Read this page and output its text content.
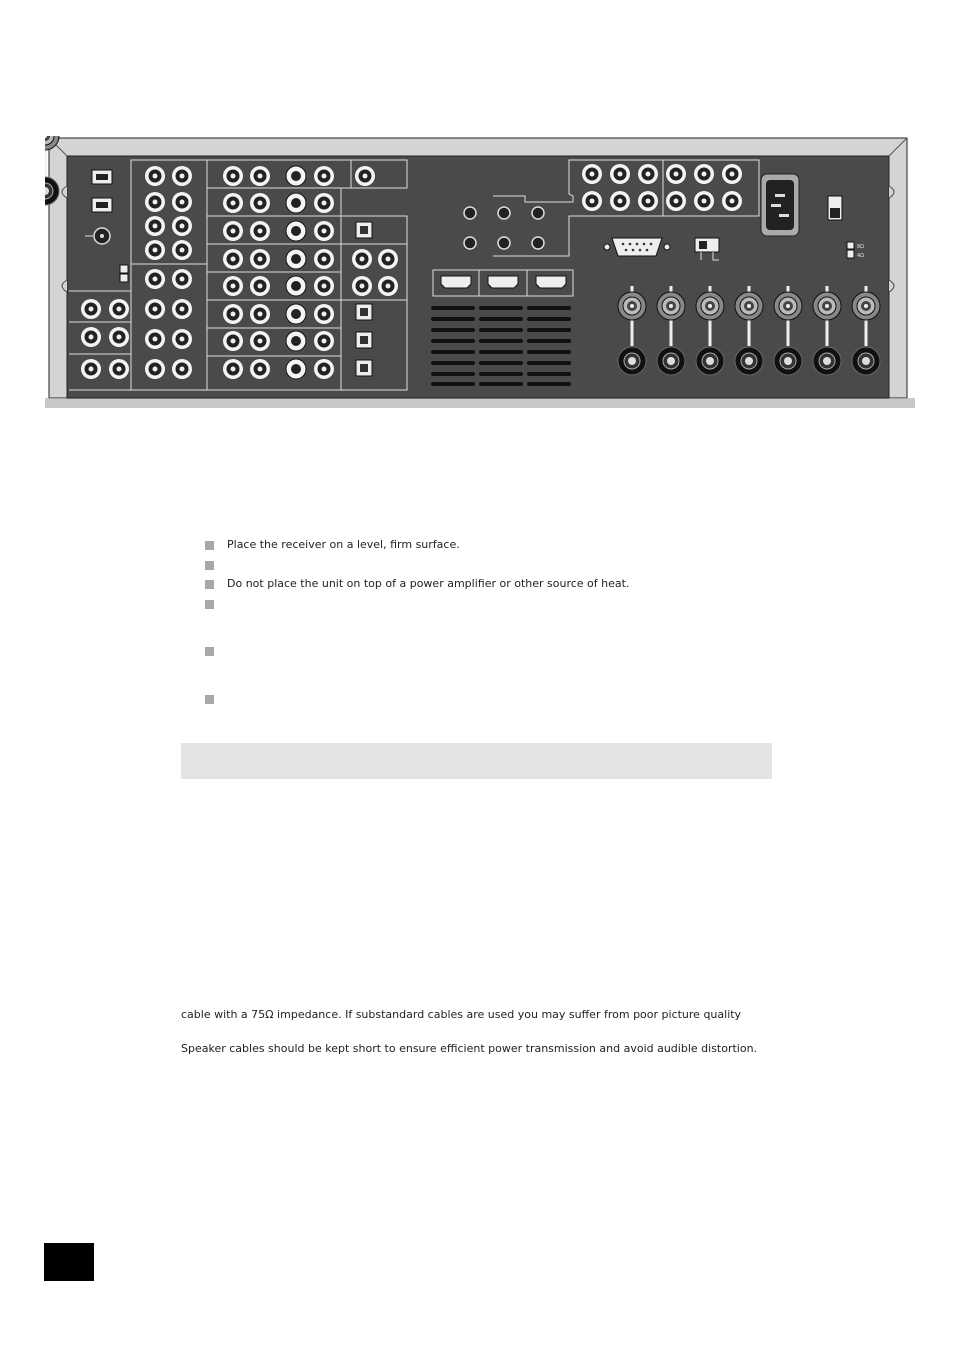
8Ω
4Ω
Place the receiver on a level, firm surface.
Do not place the unit on top of a power amplifier or other source of heat.
cable with a 75Ω impedance. If substandard cables are used you may suffer from poor picture quality
Speaker cables should be kept short to ensure efficient power transmission and avoid audible distortion.
